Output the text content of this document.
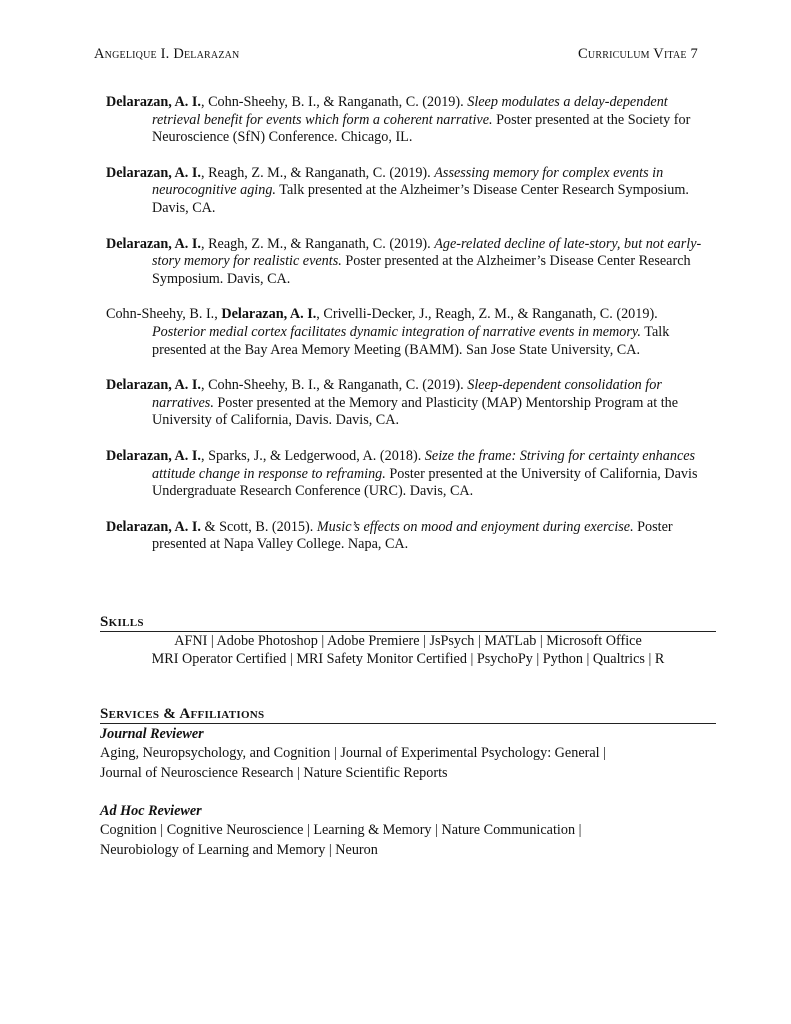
Angelique I. Delarazan	Curriculum Vitae 7

Delarazan, A. I., Cohn-Sheehy, B. I., & Ranganath, C. (2019). Sleep modulates a delay-dependent retrieval benefit for events which form a coherent narrative. Poster presented at the Society for Neuroscience (SfN) Conference. Chicago, IL.

Delarazan, A. I., Reagh, Z. M., & Ranganath, C. (2019). Assessing memory for complex events in neurocognitive aging. Talk presented at the Alzheimer’s Disease Center Research Symposium. Davis, CA.

Delarazan, A. I., Reagh, Z. M., & Ranganath, C. (2019). Age-related decline of late-story, but not early-story memory for realistic events. Poster presented at the Alzheimer’s Disease Center Research Symposium. Davis, CA.

Cohn-Sheehy, B. I., Delarazan, A. I., Crivelli-Decker, J., Reagh, Z. M., & Ranganath, C. (2019). Posterior medial cortex facilitates dynamic integration of narrative events in memory. Talk presented at the Bay Area Memory Meeting (BAMM). San Jose State University, CA.

Delarazan, A. I., Cohn-Sheehy, B. I., & Ranganath, C. (2019). Sleep-dependent consolidation for narratives. Poster presented at the Memory and Plasticity (MAP) Mentorship Program at the University of California, Davis. Davis, CA.

Delarazan, A. I., Sparks, J., & Ledgerwood, A. (2018). Seize the frame: Striving for certainty enhances attitude change in response to reframing. Poster presented at the University of California, Davis Undergraduate Research Conference (URC). Davis, CA.

Delarazan, A. I. & Scott, B. (2015). Music’s effects on mood and enjoyment during exercise. Poster presented at Napa Valley College. Napa, CA.

Skills
AFNI | Adobe Photoshop | Adobe Premiere | JsPsych | MATLab | Microsoft Office
MRI Operator Certified | MRI Safety Monitor Certified | PsychoPy | Python | Qualtrics | R
Services & Affiliations
Journal Reviewer
Aging, Neuropsychology, and Cognition | Journal of Experimental Psychology: General |
Journal of Neuroscience Research | Nature Scientific Reports
Ad Hoc Reviewer
Cognition | Cognitive Neuroscience | Learning & Memory | Nature Communication |
Neurobiology of Learning and Memory | Neuron
